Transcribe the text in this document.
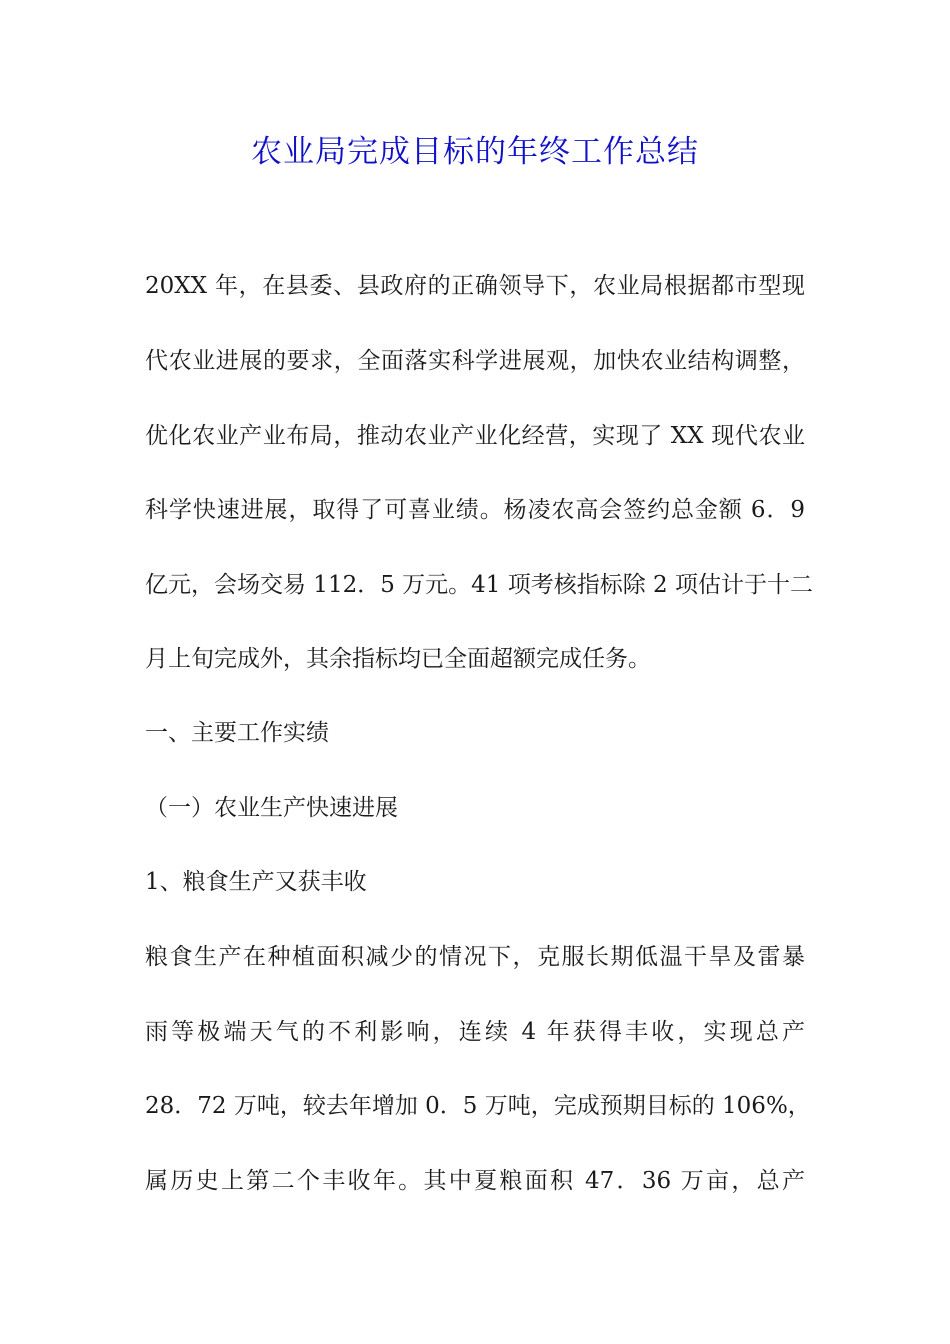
农业局完成目标的年终工作总结

20XX 年，在县委、县政府的正确领导下，农业局根据都市型现

代农业进展的要求，全面落实科学进展观，加快农业结构调整，

优化农业产业布局，推动农业产业化经营，实现了 XX 现代农业

科学快速进展，取得了可喜业绩。杨凌农高会签约总金额 6．9

亿元，会场交易 112．5 万元。41 项考核指标除 2 项估计于十二

月上旬完成外，其余指标均已全面超额完成任务。

一、主要工作实绩

（一）农业生产快速进展

1、粮食生产又获丰收

粮食生产在种植面积减少的情况下，克服长期低温干旱及雷暴

雨等极端天气的不利影响，连续 4 年获得丰收，实现总产

28．72 万吨，较去年增加 0．5 万吨，完成预期目标的 106%，

属历史上第二个丰收年。其中夏粮面积 47．36 万亩，总产
